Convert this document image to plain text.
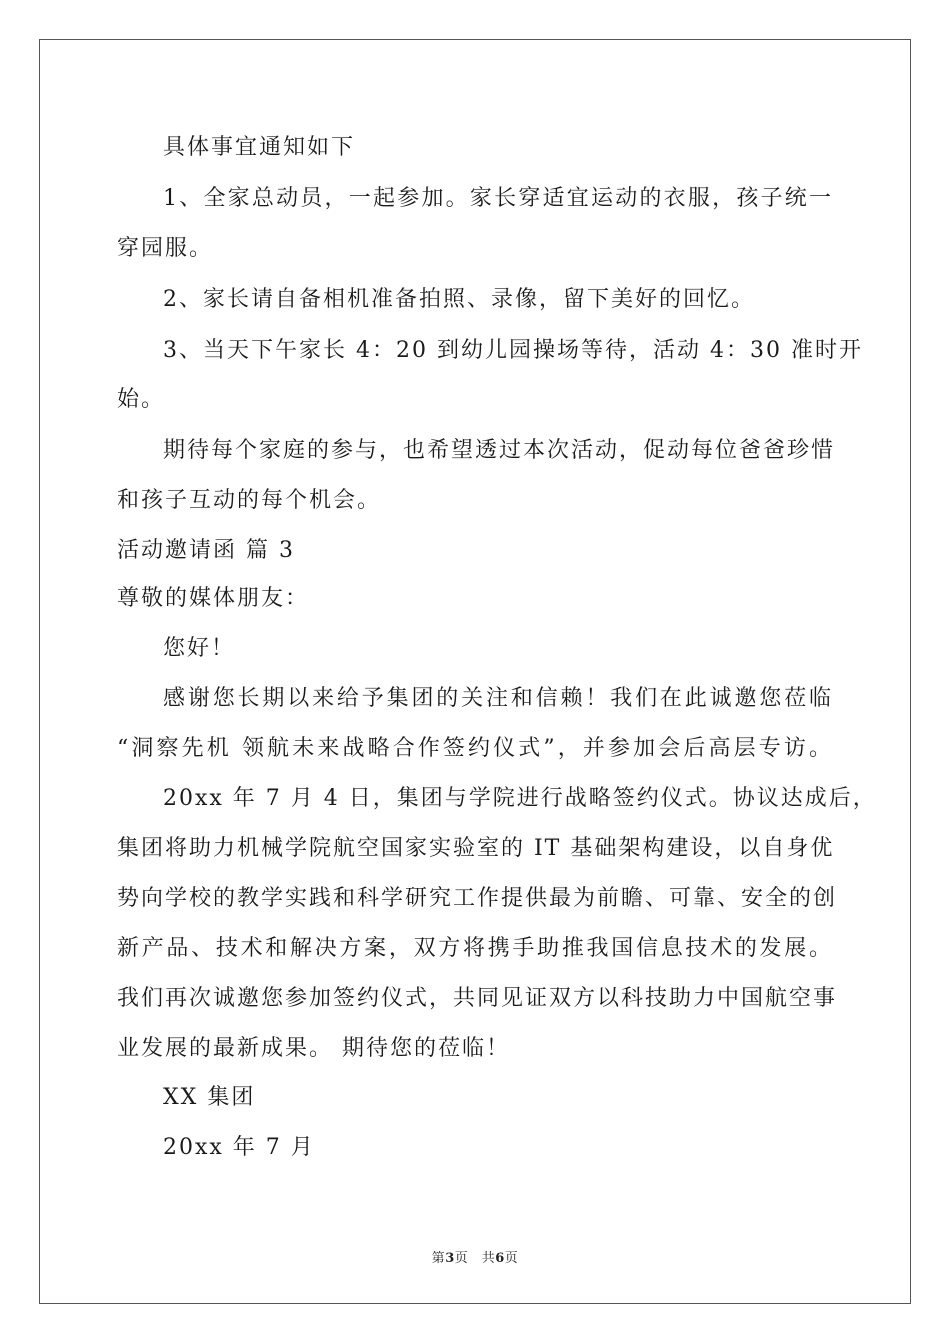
具体事宜通知如下
1、全家总动员，一起参加。家长穿适宜运动的衣服，孩子统一
穿园服。
2、家长请自备相机准备拍照、录像，留下美好的回忆。
3、当天下午家长 4：20 到幼儿园操场等待，活动 4：30 准时开
始。
期待每个家庭的参与，也希望透过本次活动，促动每位爸爸珍惜
和孩子互动的每个机会。
活动邀请函 篇 3
尊敬的媒体朋友：
您好！
感谢您长期以来给予集团的关注和信赖！我们在此诚邀您莅临
“洞察先机 领航未来战略合作签约仪式”，并参加会后高层专访。
20xx 年 7 月 4 日，集团与学院进行战略签约仪式。协议达成后，
集团将助力机械学院航空国家实验室的 IT 基础架构建设，以自身优
势向学校的教学实践和科学研究工作提供最为前瞻、可靠、安全的创
新产品、技术和解决方案，双方将携手助推我国信息技术的发展。
我们再次诚邀您参加签约仪式，共同见证双方以科技助力中国航空事
业发展的最新成果。 期待您的莅临！
XX 集团
20xx 年 7 月
第3页　共6页
